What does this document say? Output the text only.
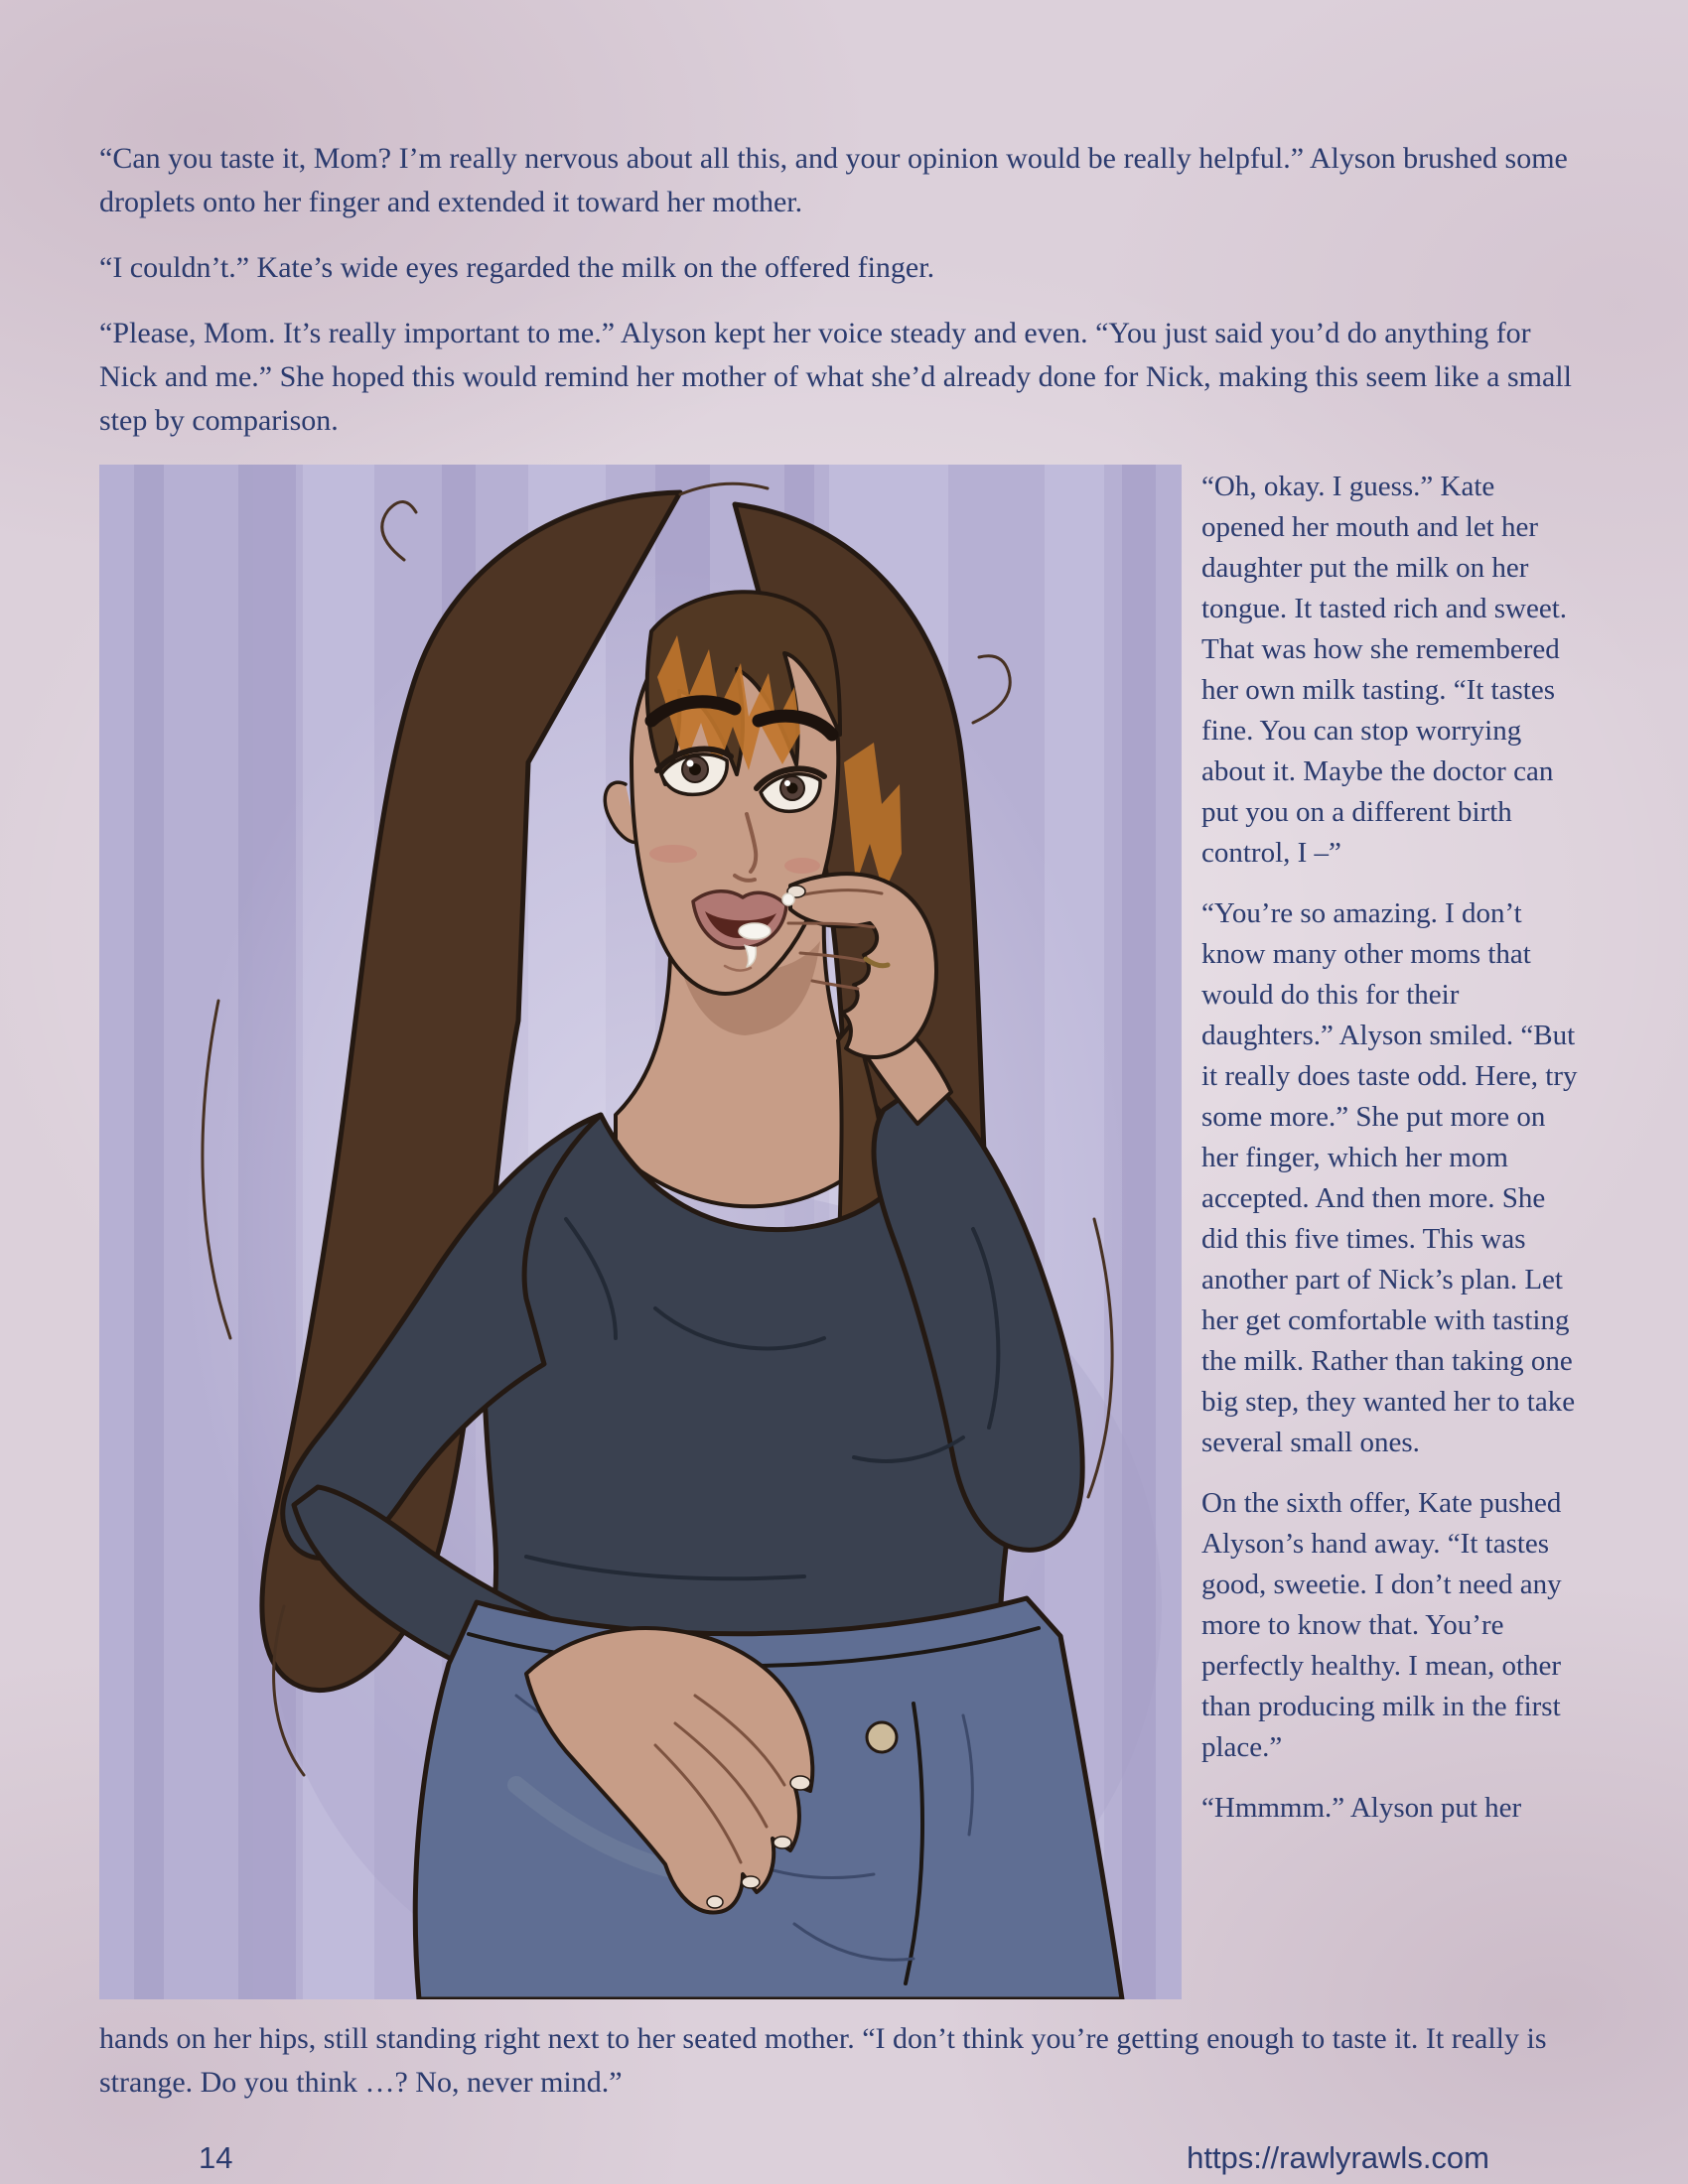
“Can you taste it, Mom? I’m really nervous about all this, and your opinion would be really helpful.” Alyson brushed some droplets onto her finger and extended it toward her mother.

“I couldn’t.” Kate’s wide eyes regarded the milk on the offered finger.

“Please, Mom. It’s really important to me.” Alyson kept her voice steady and even. “You just said you’d do anything for Nick and me.” She hoped this would remind her mother of what she’d already done for Nick, making this seem like a small step by comparison.

“Oh, okay. I guess.” Kate opened her mouth and let her daughter put the milk on her tongue. It tasted rich and sweet. That was how she remembered her own milk tasting. “It tastes fine. You can stop worrying about it. Maybe the doctor can put you on a different birth control, I –”

“You’re so amazing. I don’t know many other moms that would do this for their daughters.” Alyson smiled. “But it really does taste odd. Here, try some more.” She put more on her finger, which her mom accepted. And then more. She did this five times. This was another part of Nick’s plan. Let her get comfortable with tasting the milk. Rather than taking one big step, they wanted her to take several small ones.

On the sixth offer, Kate pushed Alyson’s hand away. “It tastes good, sweetie. I don’t need any more to know that. You’re perfectly healthy. I mean, other than producing milk in the first place.”

“Hmmmm.” Alyson put her

hands on her hips, still standing right next to her seated mother. “I don’t think you’re getting enough to taste it. It really is strange. Do you think …? No, never mind.”

14	https://rawlyrawls.com
